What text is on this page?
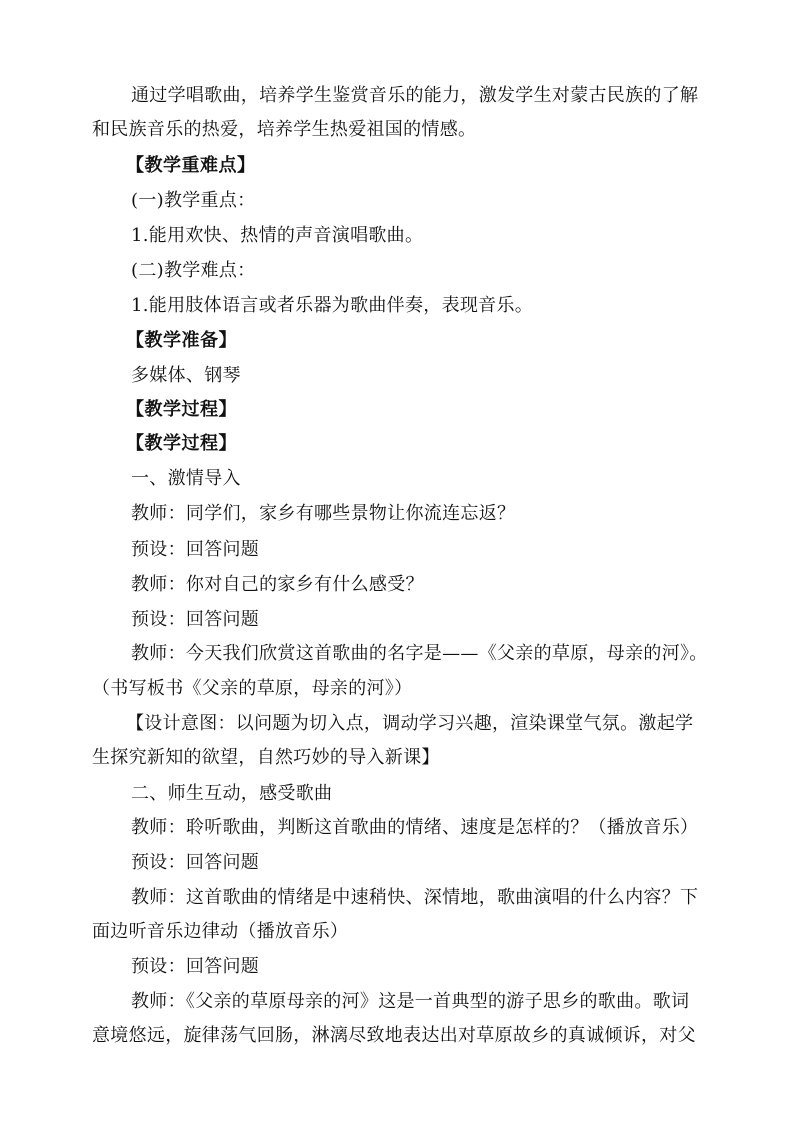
通过学唱歌曲，培养学生鉴赏音乐的能力，激发学生对蒙古民族的了解
和民族音乐的热爱，培养学生热爱祖国的情感。
【教学重难点】
(一)教学重点：
1.能用欢快、热情的声音演唱歌曲。
(二)教学难点：
1.能用肢体语言或者乐器为歌曲伴奏，表现音乐。
【教学准备】
多媒体、钢琴
【教学过程】
【教学过程】
一、激情导入
教师：同学们，家乡有哪些景物让你流连忘返？
预设：回答问题
教师：你对自己的家乡有什么感受？
预设：回答问题
教师：今天我们欣赏这首歌曲的名字是——《父亲的草原，母亲的河》。
（书写板书《父亲的草原，母亲的河》）
【设计意图：以问题为切入点，调动学习兴趣，渲染课堂气氛。激起学
生探究新知的欲望，自然巧妙的导入新课】
二、师生互动，感受歌曲
教师：聆听歌曲，判断这首歌曲的情绪、速度是怎样的？（播放音乐）
预设：回答问题
教师：这首歌曲的情绪是中速稍快、深情地，歌曲演唱的什么内容？下
面边听音乐边律动（播放音乐）
预设：回答问题
教师：《父亲的草原母亲的河》这是一首典型的游子思乡的歌曲。歌词
意境悠远，旋律荡气回肠，淋漓尽致地表达出对草原故乡的真诚倾诉，对父
